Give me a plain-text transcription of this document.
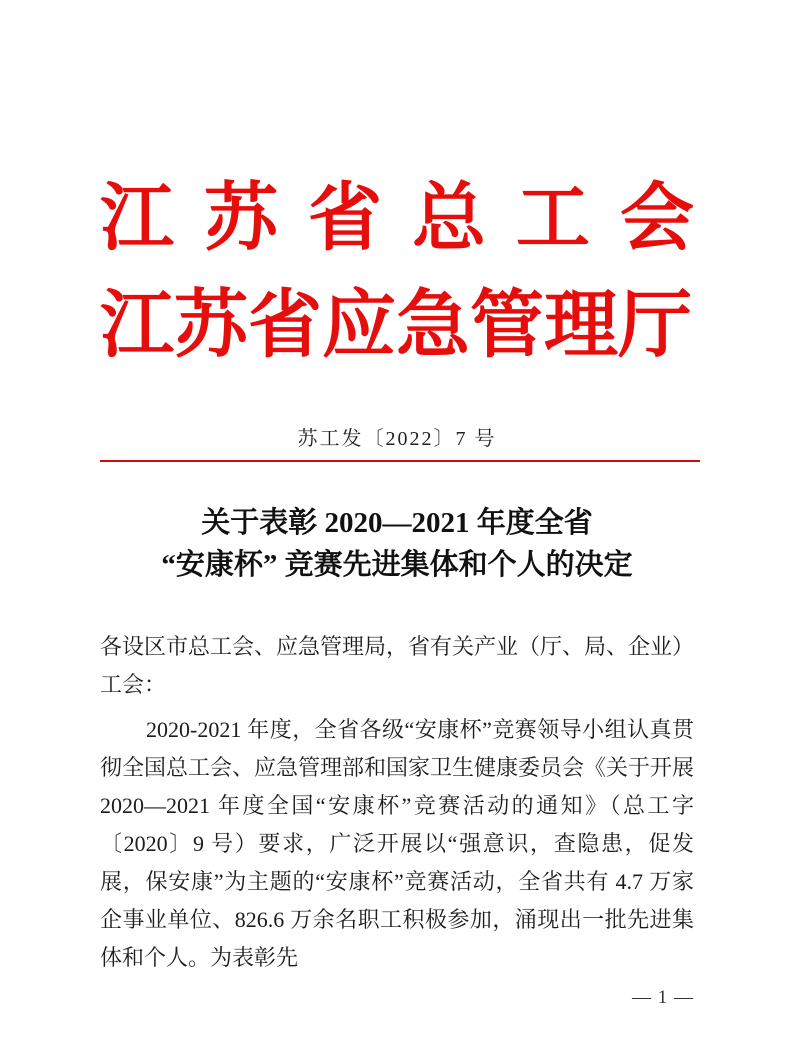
江苏省总工会
江苏省应急管理厅
苏工发〔2022〕7 号
关于表彰 2020—2021 年度全省
“安康杯” 竞赛先进集体和个人的决定

各设区市总工会、应急管理局，省有关产业（厅、局、企业）工会：

2020-2021 年度，全省各级“安康杯”竞赛领导小组认真贯彻全国总工会、应急管理部和国家卫生健康委员会《关于开展 2020—2021 年度全国“安康杯”竞赛活动的通知》（总工字〔2020〕9 号）要求，广泛开展以“强意识，查隐患，促发展，保安康”为主题的“安康杯”竞赛活动，全省共有 4.7 万家企事业单位、826.6 万余名职工积极参加，涌现出一批先进集体和个人。为表彰先

— 1 —
